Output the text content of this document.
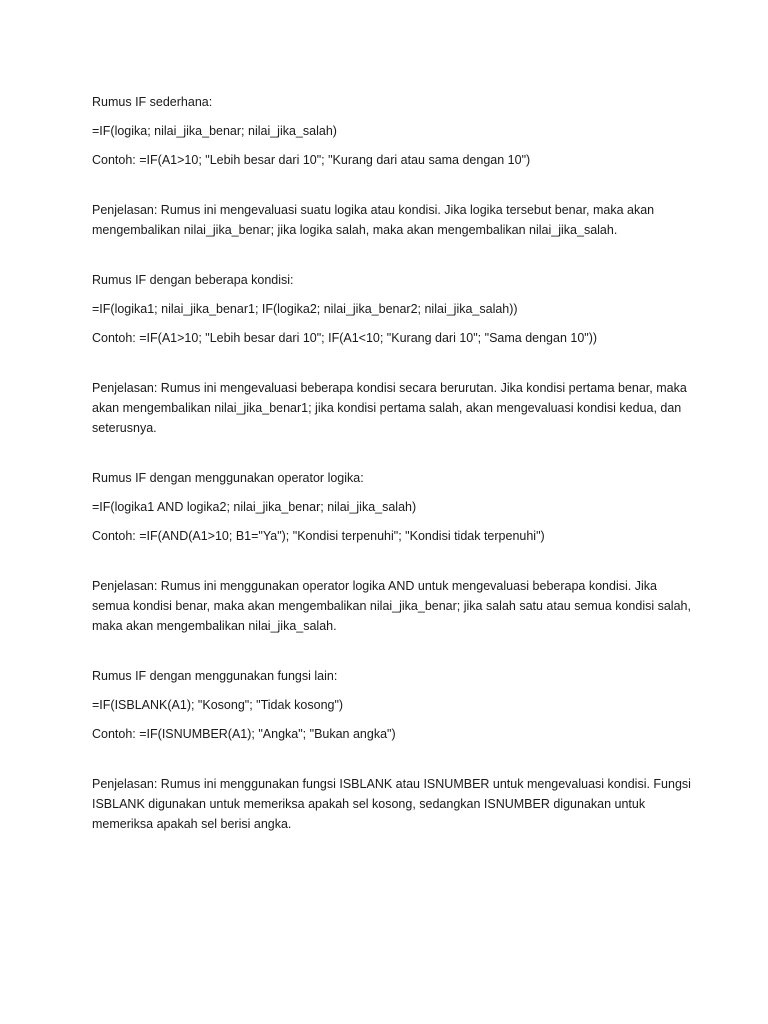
Rumus IF sederhana:

=IF(logika; nilai_jika_benar; nilai_jika_salah)

Contoh: =IF(A1>10; "Lebih besar dari 10"; "Kurang dari atau sama dengan 10")

Penjelasan: Rumus ini mengevaluasi suatu logika atau kondisi. Jika logika tersebut benar, maka akan mengembalikan nilai_jika_benar; jika logika salah, maka akan mengembalikan nilai_jika_salah.

Rumus IF dengan beberapa kondisi:

=IF(logika1; nilai_jika_benar1; IF(logika2; nilai_jika_benar2; nilai_jika_salah))

Contoh: =IF(A1>10; "Lebih besar dari 10"; IF(A1<10; "Kurang dari 10"; "Sama dengan 10"))

Penjelasan: Rumus ini mengevaluasi beberapa kondisi secara berurutan. Jika kondisi pertama benar, maka akan mengembalikan nilai_jika_benar1; jika kondisi pertama salah, akan mengevaluasi kondisi kedua, dan seterusnya.

Rumus IF dengan menggunakan operator logika:

=IF(logika1 AND logika2; nilai_jika_benar; nilai_jika_salah)

Contoh: =IF(AND(A1>10; B1="Ya"); "Kondisi terpenuhi"; "Kondisi tidak terpenuhi")

Penjelasan: Rumus ini menggunakan operator logika AND untuk mengevaluasi beberapa kondisi. Jika semua kondisi benar, maka akan mengembalikan nilai_jika_benar; jika salah satu atau semua kondisi salah, maka akan mengembalikan nilai_jika_salah.

Rumus IF dengan menggunakan fungsi lain:

=IF(ISBLANK(A1); "Kosong"; "Tidak kosong")

Contoh: =IF(ISNUMBER(A1); "Angka"; "Bukan angka")

Penjelasan: Rumus ini menggunakan fungsi ISBLANK atau ISNUMBER untuk mengevaluasi kondisi. Fungsi ISBLANK digunakan untuk memeriksa apakah sel kosong, sedangkan ISNUMBER digunakan untuk memeriksa apakah sel berisi angka.
